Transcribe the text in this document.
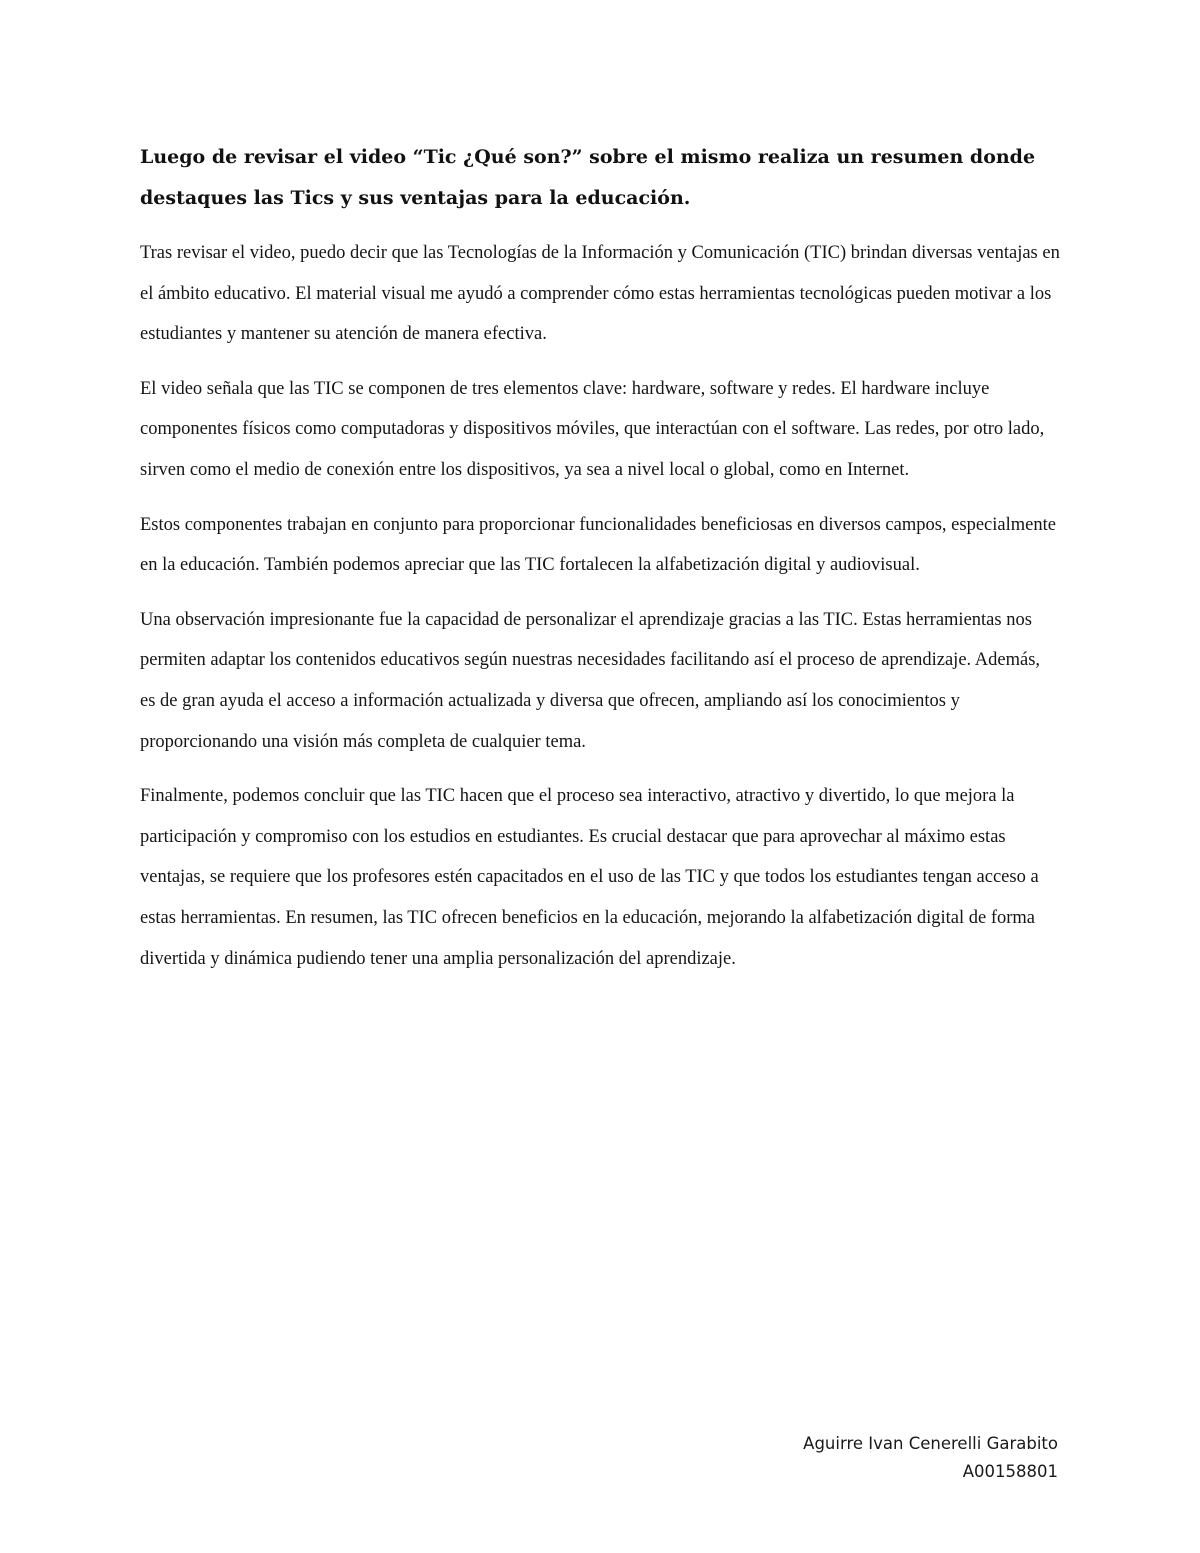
Luego de revisar el video “Tic ¿Qué son?” sobre el mismo realiza un resumen donde destaques las Tics y sus ventajas para la educación.

Tras revisar el video, puedo decir que las Tecnologías de la Información y Comunicación (TIC) brindan diversas ventajas en el ámbito educativo. El material visual me ayudó a comprender cómo estas herramientas tecnológicas pueden motivar a los estudiantes y mantener su atención de manera efectiva.

El video señala que las TIC se componen de tres elementos clave: hardware, software y redes. El hardware incluye componentes físicos como computadoras y dispositivos móviles, que interactúan con el software. Las redes, por otro lado, sirven como el medio de conexión entre los dispositivos, ya sea a nivel local o global, como en Internet.

Estos componentes trabajan en conjunto para proporcionar funcionalidades beneficiosas en diversos campos, especialmente en la educación. También podemos apreciar que las TIC fortalecen la alfabetización digital y audiovisual.

Una observación impresionante fue la capacidad de personalizar el aprendizaje gracias a las TIC. Estas herramientas nos permiten adaptar los contenidos educativos según nuestras necesidades facilitando así el proceso de aprendizaje. Además, es de gran ayuda el acceso a información actualizada y diversa que ofrecen, ampliando así los conocimientos y proporcionando una visión más completa de cualquier tema.

Finalmente, podemos concluir que las TIC hacen que el proceso sea interactivo, atractivo y divertido, lo que mejora la participación y compromiso con los estudios en estudiantes. Es crucial destacar que para aprovechar al máximo estas ventajas, se requiere que los profesores estén capacitados en el uso de las TIC y que todos los estudiantes tengan acceso a estas herramientas. En resumen, las TIC ofrecen beneficios en la educación, mejorando la alfabetización digital de forma divertida y dinámica pudiendo tener una amplia personalización del aprendizaje.

Aguirre Ivan Cenerelli Garabito
A00158801
